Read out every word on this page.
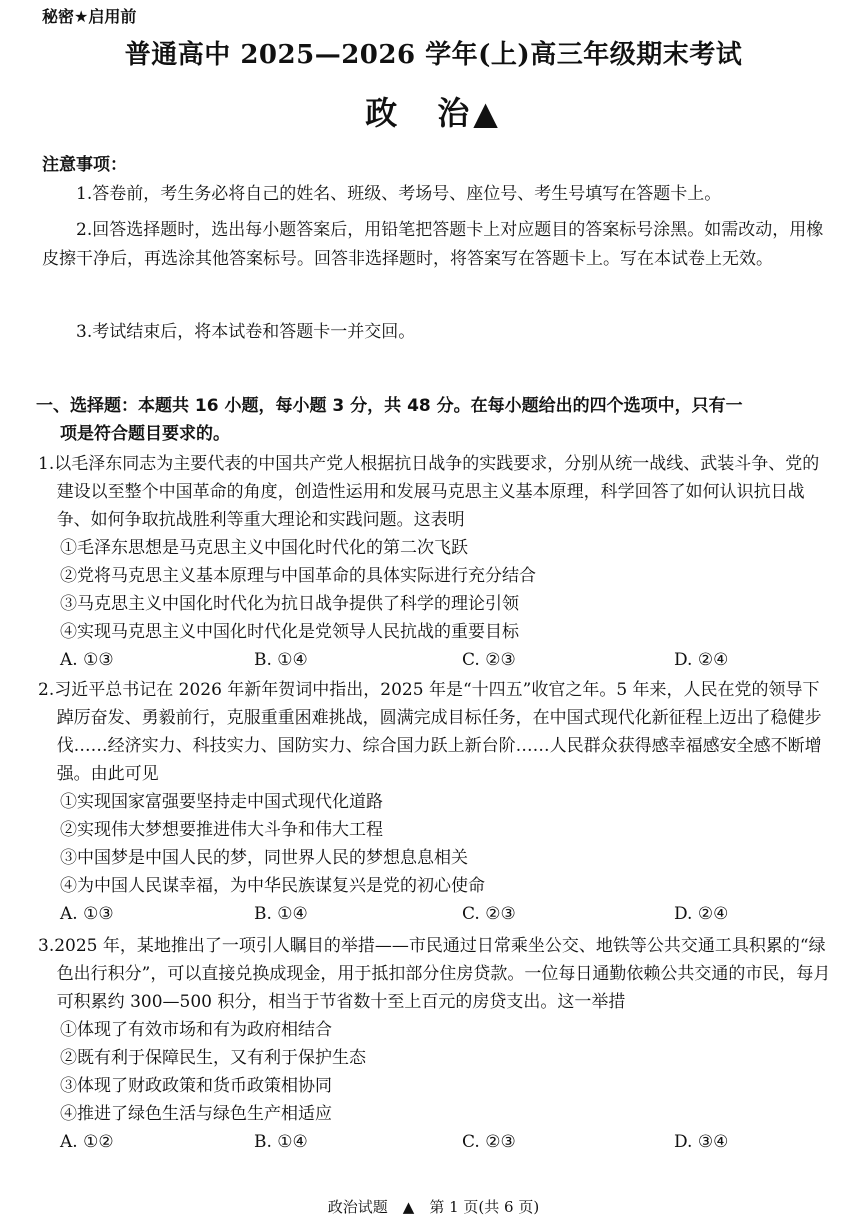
秘密★启用前
普通高中 2025—2026 学年(上)高三年级期末考试
政　治▲
注意事项：
1.答卷前，考生务必将自己的姓名、班级、考场号、座位号、考生号填写在答题卡上。
2.回答选择题时，选出每小题答案后，用铅笔把答题卡上对应题目的答案标号涂黑。如需改动，用橡皮擦干净后，再选涂其他答案标号。回答非选择题时，将答案写在答题卡上。写在本试卷上无效。
3.考试结束后，将本试卷和答题卡一并交回。
一、选择题：本题共 16 小题，每小题 3 分，共 48 分。在每小题给出的四个选项中，只有一
项是符合题目要求的。

1.以毛泽东同志为主要代表的中国共产党人根据抗日战争的实践要求，分别从统一战线、武装斗争、党的建设以至整个中国革命的角度，创造性运用和发展马克思主义基本原理，科学回答了如何认识抗日战争、如何争取抗战胜利等重大理论和实践问题。这表明

①毛泽东思想是马克思主义中国化时代化的第二次飞跃

②党将马克思主义基本原理与中国革命的具体实际进行充分结合

③马克思主义中国化时代化为抗日战争提供了科学的理论引领

④实现马克思主义中国化时代化是党领导人民抗战的重要目标

A. ①③	B. ①④	C. ②③	D. ②④

2.习近平总书记在 2026 年新年贺词中指出，2025 年是“十四五”收官之年。5 年来，人民在党的领导下踔厉奋发、勇毅前行，克服重重困难挑战，圆满完成目标任务，在中国式现代化新征程上迈出了稳健步伐……经济实力、科技实力、国防实力、综合国力跃上新台阶……人民群众获得感幸福感安全感不断增强。由此可见

①实现国家富强要坚持走中国式现代化道路

②实现伟大梦想要推进伟大斗争和伟大工程

③中国梦是中国人民的梦，同世界人民的梦想息息相关

④为中国人民谋幸福，为中华民族谋复兴是党的初心使命

A. ①③	B. ①④	C. ②③	D. ②④

3.2025 年，某地推出了一项引人瞩目的举措——市民通过日常乘坐公交、地铁等公共交通工具积累的“绿色出行积分”，可以直接兑换成现金，用于抵扣部分住房贷款。一位每日通勤依赖公共交通的市民，每月可积累约 300—500 积分，相当于节省数十至上百元的房贷支出。这一举措

①体现了有效市场和有为政府相结合

②既有利于保障民生，又有利于保护生态

③体现了财政政策和货币政策相协同

④推进了绿色生活与绿色生产相适应

A. ①②	B. ①④	C. ②③	D. ③④
政治试题　▲　第 1 页(共 6 页)
